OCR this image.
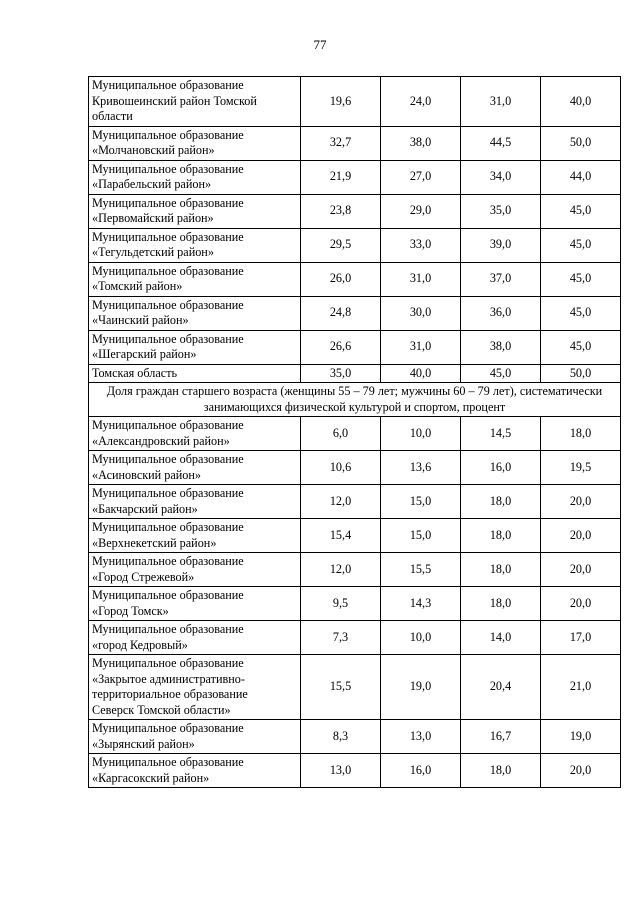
77
Муниципальное образование
Кривошеинский район Томской
области	19,6	24,0	31,0	40,0
Муниципальное образование
«Молчановский район»	32,7	38,0	44,5	50,0
Муниципальное образование
«Парабельский район»	21,9	27,0	34,0	44,0
Муниципальное образование
«Первомайский район»	23,8	29,0	35,0	45,0
Муниципальное образование
«Тегульдетский район»	29,5	33,0	39,0	45,0
Муниципальное образование
«Томский район»	26,0	31,0	37,0	45,0
Муниципальное образование
«Чаинский район»	24,8	30,0	36,0	45,0
Муниципальное образование
«Шегарский район»	26,6	31,0	38,0	45,0
Томская область	35,0	40,0	45,0	50,0
Доля граждан старшего возраста (женщины 55 – 79 лет; мужчины 60 – 79 лет), систематически
занимающихся физической культурой и спортом, процент				
Муниципальное образование
«Александровский район»	6,0	10,0	14,5	18,0
Муниципальное образование
«Асиновский район»	10,6	13,6	16,0	19,5
Муниципальное образование
«Бакчарский район»	12,0	15,0	18,0	20,0
Муниципальное образование
«Верхнекетский район»	15,4	15,0	18,0	20,0
Муниципальное образование
«Город Стрежевой»	12,0	15,5	18,0	20,0
Муниципальное образование
«Город Томск»	9,5	14,3	18,0	20,0
Муниципальное образование
«город Кедровый»	7,3	10,0	14,0	17,0
Муниципальное образование
«Закрытое административно-
территориальное образование
Северск Томской области»	15,5	19,0	20,4	21,0
Муниципальное образование
«Зырянский район»	8,3	13,0	16,7	19,0
Муниципальное образование
«Каргасокский район»	13,0	16,0	18,0	20,0
